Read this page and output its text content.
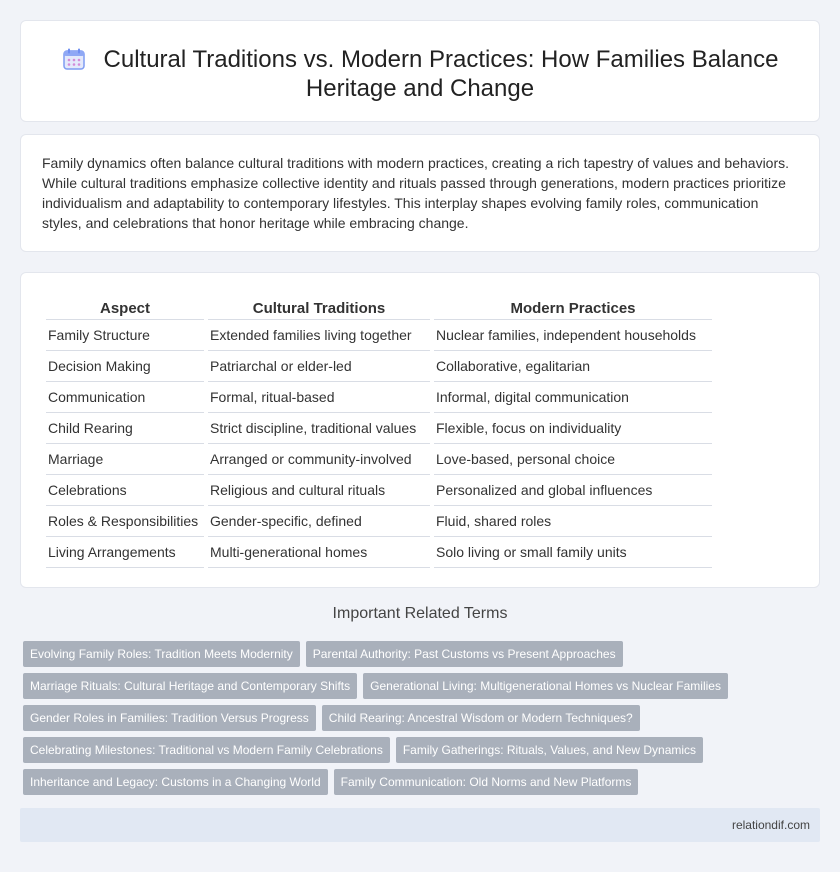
Cultural Traditions vs. Modern Practices: How Families Balance Heritage and Change

Family dynamics often balance cultural traditions with modern practices, creating a rich tapestry of values and behaviors. While cultural traditions emphasize collective identity and rituals passed through generations, modern practices prioritize individualism and adaptability to contemporary lifestyles. This interplay shapes evolving family roles, communication styles, and celebrations that honor heritage while embracing change.

Aspect	Cultural Traditions	Modern Practices
Family Structure	Extended families living together	Nuclear families, independent households
Decision Making	Patriarchal or elder-led	Collaborative, egalitarian
Communication	Formal, ritual-based	Informal, digital communication
Child Rearing	Strict discipline, traditional values	Flexible, focus on individuality
Marriage	Arranged or community-involved	Love-based, personal choice
Celebrations	Religious and cultural rituals	Personalized and global influences
Roles & Responsibilities	Gender-specific, defined	Fluid, shared roles
Living Arrangements	Multi-generational homes	Solo living or small family units
Important Related Terms
Evolving Family Roles: Tradition Meets Modernity Parental Authority: Past Customs vs Present Approaches
Marriage Rituals: Cultural Heritage and Contemporary Shifts Generational Living: Multigenerational Homes vs Nuclear Families
Gender Roles in Families: Tradition Versus Progress Child Rearing: Ancestral Wisdom or Modern Techniques?
Celebrating Milestones: Traditional vs Modern Family Celebrations Family Gatherings: Rituals, Values, and New Dynamics
Inheritance and Legacy: Customs in a Changing World Family Communication: Old Norms and New Platforms
relationdif.com
